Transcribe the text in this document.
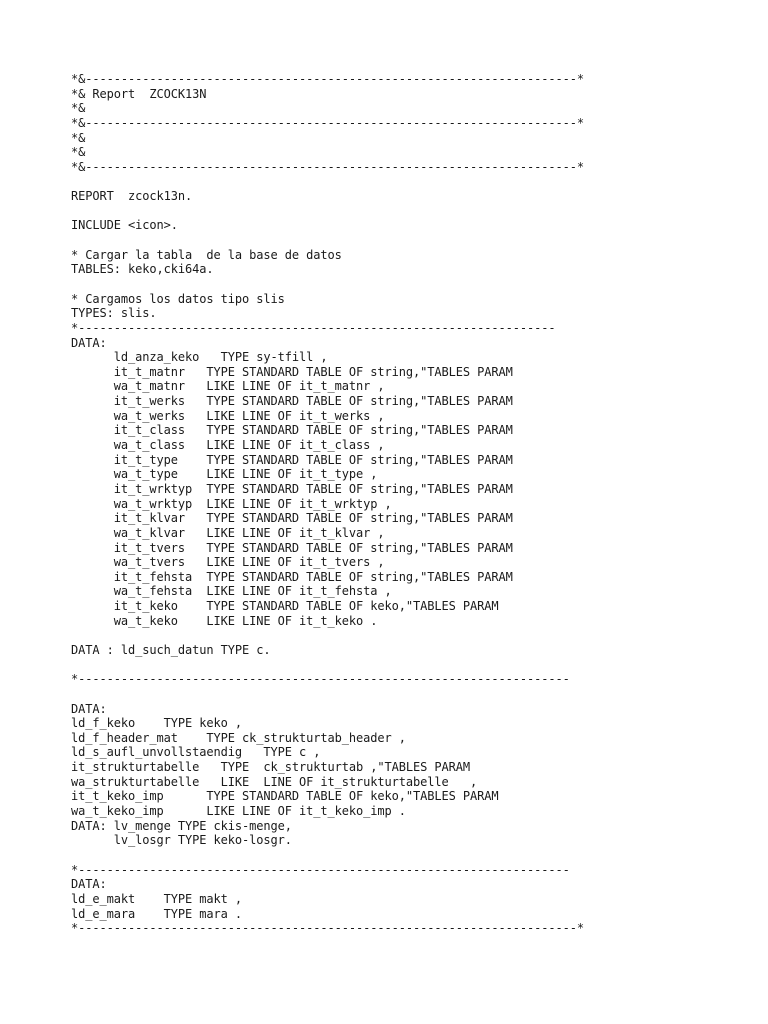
*&---------------------------------------------------------------------*
*& Report  ZCOCK13N
*&
*&---------------------------------------------------------------------*
*&
*&
*&---------------------------------------------------------------------*
REPORT  zcock13n.
INCLUDE <icon>.
* Cargar la tabla  de la base de datos
TABLES: keko,cki64a.
* Cargamos los datos tipo slis
TYPES: slis.
*-------------------------------------------------------------------
DATA:
ld_anza_keko   TYPE sy-tfill ,
it_t_matnr   TYPE STANDARD TABLE OF string,"TABLES PARAM
wa_t_matnr   LIKE LINE OF it_t_matnr ,
it_t_werks   TYPE STANDARD TABLE OF string,"TABLES PARAM
wa_t_werks   LIKE LINE OF it_t_werks ,
it_t_class   TYPE STANDARD TABLE OF string,"TABLES PARAM
wa_t_class   LIKE LINE OF it_t_class ,
it_t_type    TYPE STANDARD TABLE OF string,"TABLES PARAM
wa_t_type    LIKE LINE OF it_t_type ,
it_t_wrktyp  TYPE STANDARD TABLE OF string,"TABLES PARAM
wa_t_wrktyp  LIKE LINE OF it_t_wrktyp ,
it_t_klvar   TYPE STANDARD TABLE OF string,"TABLES PARAM
wa_t_klvar   LIKE LINE OF it_t_klvar ,
it_t_tvers   TYPE STANDARD TABLE OF string,"TABLES PARAM
wa_t_tvers   LIKE LINE OF it_t_tvers ,
it_t_fehsta  TYPE STANDARD TABLE OF string,"TABLES PARAM
wa_t_fehsta  LIKE LINE OF it_t_fehsta ,
it_t_keko    TYPE STANDARD TABLE OF keko,"TABLES PARAM
wa_t_keko    LIKE LINE OF it_t_keko .
DATA : ld_such_datun TYPE c.
*---------------------------------------------------------------------
DATA:
ld_f_keko    TYPE keko ,
ld_f_header_mat    TYPE ck_strukturtab_header ,
ld_s_aufl_unvollstaendig   TYPE c ,
it_strukturtabelle   TYPE  ck_strukturtab ,"TABLES PARAM
wa_strukturtabelle   LIKE  LINE OF it_strukturtabelle   ,
it_t_keko_imp      TYPE STANDARD TABLE OF keko,"TABLES PARAM
wa_t_keko_imp      LIKE LINE OF it_t_keko_imp .
DATA: lv_menge TYPE ckis-menge,
lv_losgr TYPE keko-losgr.
*---------------------------------------------------------------------
DATA:
ld_e_makt    TYPE makt ,
ld_e_mara    TYPE mara .
*----------------------------------------------------------------------*
